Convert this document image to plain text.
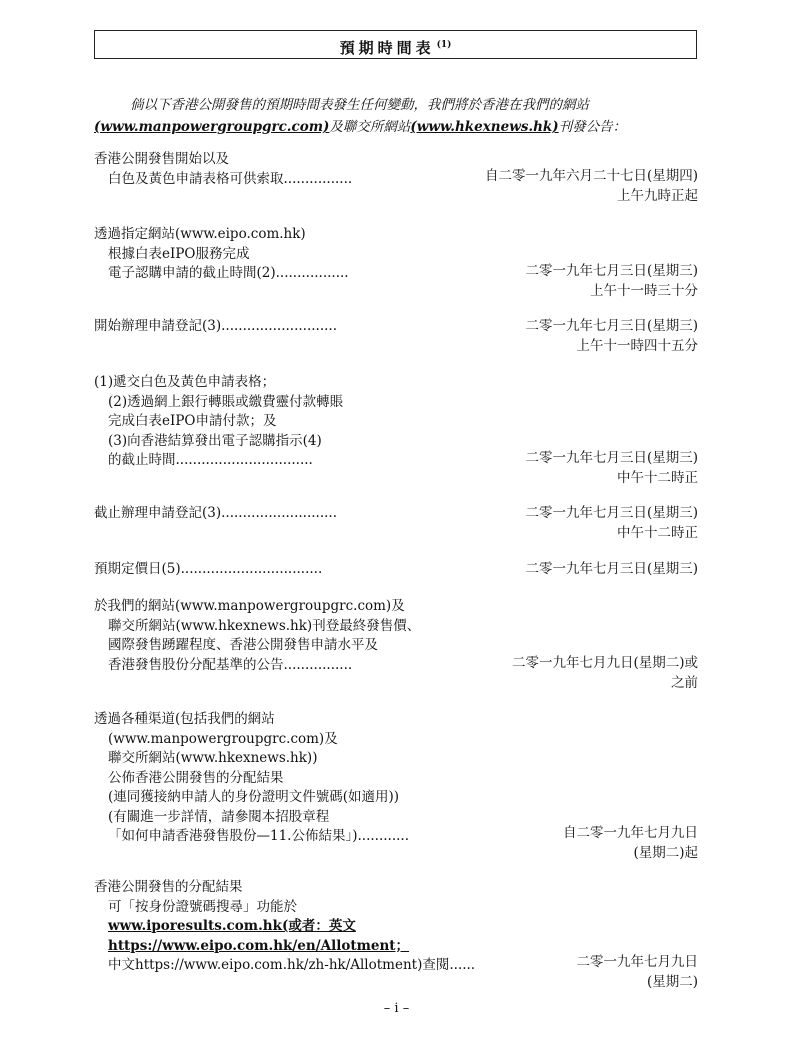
預期時間表 $^{(1)}$
倘以下香港公開發售的預期時間表發生任何變動，我們將於香港在我們的網站
(www.manpowergroupgrc.com)及聯交所網站(www.hkexnews.hk)刊發公告：
香港公開發售開始以及
白色及黃色申請表格可供索取................	自二零一九年六月二十七日(星期四)
上午九時正起
透過指定網站(www.eipo.com.hk)
根據白表eIPO服務完成
電子認購申請的截止時間(2).................	二零一九年七月三日(星期三)
上午十一時三十分
開始辦理申請登記(3)...........................	二零一九年七月三日(星期三)
上午十一時四十五分
(1)遞交白色及黃色申請表格；
(2)透過網上銀行轉賬或繳費靈付款轉賬
完成白表eIPO申請付款；及
(3)向香港結算發出電子認購指示(4)
的截止時間................................	二零一九年七月三日(星期三)
中午十二時正
截止辦理申請登記(3)...........................	二零一九年七月三日(星期三)
中午十二時正
預期定價日(5).................................	二零一九年七月三日(星期三)
於我們的網站(www.manpowergroupgrc.com)及
聯交所網站(www.hkexnews.hk)刊登最終發售價、
國際發售踴躍程度、香港公開發售申請水平及
香港發售股份分配基準的公告................	二零一九年七月九日(星期二)或
之前
透過各種渠道(包括我們的網站
(www.manpowergroupgrc.com)及
聯交所網站(www.hkexnews.hk))
公佈香港公開發售的分配結果
(連同獲接納申請人的身份證明文件號碼(如適用))
(有關進一步詳情，請參閱本招股章程
「如何申請香港發售股份—11.公佈結果」)............	自二零一九年七月九日
(星期二)起
香港公開發售的分配結果
可「按身份證號碼搜尋」功能於
www.iporesults.com.hk(或者：英文
https://www.eipo.com.hk/en/Allotment；
中文https://www.eipo.com.hk/zh-hk/Allotment)查閱......	二零一九年七月九日
(星期二)
– i –
